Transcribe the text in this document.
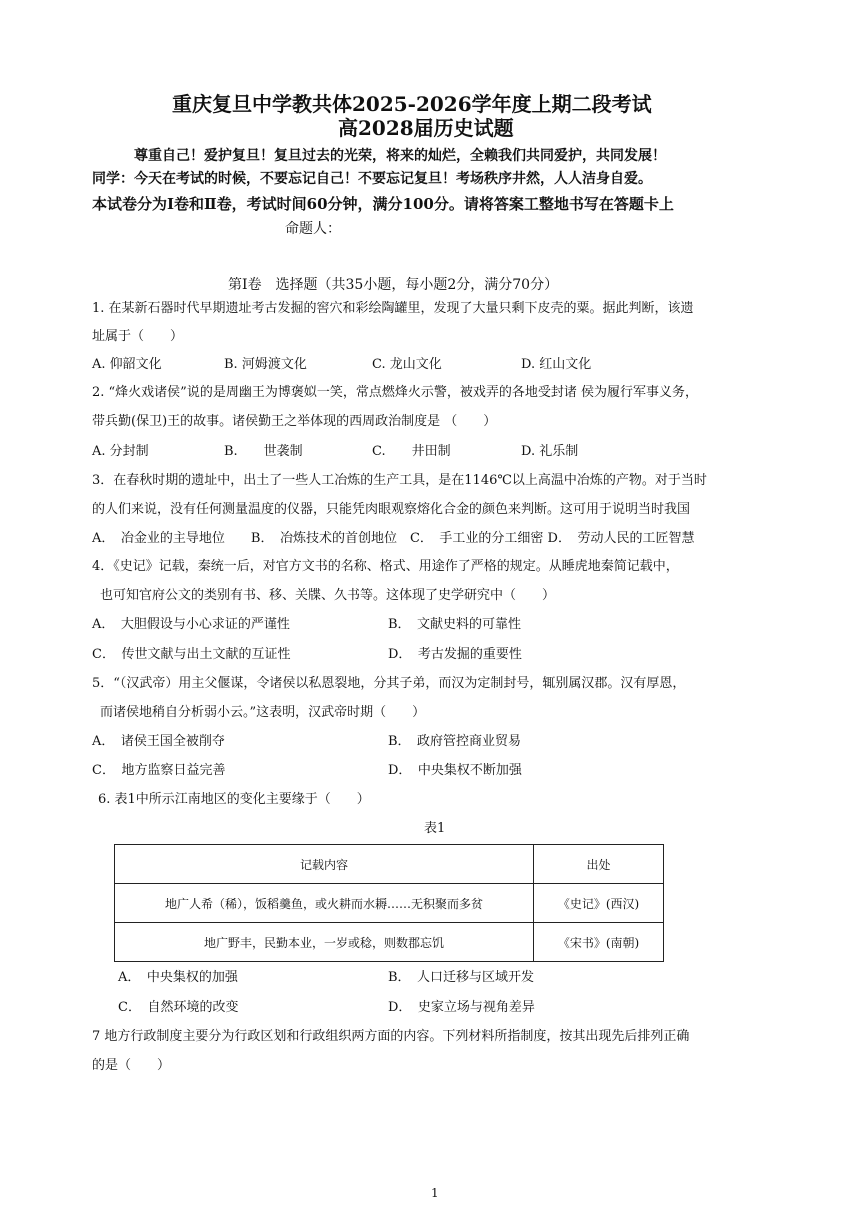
重庆复旦中学教共体2025-2026学年度上期二段考试
高2028届历史试题
尊重自己！爱护复旦！复旦过去的光荣，将来的灿烂，全赖我们共同爱护，共同发展！
同学：今天在考试的时候，不要忘记自己！不要忘记复旦！考场秩序井然，人人洁身自爱。
本试卷分为Ⅰ卷和Ⅱ卷，考试时间60分钟，满分100分。请将答案工整地书写在答题卡上
命题人：
第Ⅰ卷　选择题（共35小题，每小题2分，满分70分）
1. 在某新石器时代早期遗址考古发掘的窖穴和彩绘陶罐里，发现了大量只剩下皮壳的粟。据此判断，该遗
址属于（　　）
A. 仰韶文化	B. 河姆渡文化	C. 龙山文化	D. 红山文化
2. “烽火戏诸侯”说的是周幽王为博褒姒一笑，常点燃烽火示警，被戏弄的各地受封诸 侯为履行军事义务，
带兵勤(保卫)王的故事。诸侯勤王之举体现的西周政治制度是 （　　）
A. 分封制	B.　　世袭制	C.　　井田制	D. 礼乐制
3．在春秋时期的遗址中，出土了一些人工冶炼的生产工具，是在1146℃以上高温中冶炼的产物。对于当时
的人们来说，没有任何测量温度的仪器，只能凭肉眼观察熔化合金的颜色来判断。这可用于说明当时我国
A．　冶金业的主导地位　　B．　冶炼技术的首创地位　C．　手工业的分工细密 D．　劳动人民的工匠智慧
4．《史记》记载，秦统一后，对官方文书的名称、格式、用途作了严格的规定。从睡虎地秦简记载中，
也可知官府公文的类别有书、移、关牒、久书等。这体现了史学研究中（　　）
A．　大胆假设与小心求证的严谨性	B．　文献史料的可靠性
C．　传世文献与出土文献的互证性	D．　考古发掘的重要性
5．“（汉武帝）用主父偃谋，令诸侯以私恩裂地，分其子弟，而汉为定制封号，辄别属汉郡。汉有厚恩，
而诸侯地稍自分析弱小云。”这表明，汉武帝时期（　　）
A．　诸侯王国全被削夺	B．　政府管控商业贸易
C．　地方监察日益完善	D．　中央集权不断加强
6. 表1中所示江南地区的变化主要缘于（　　）
表1
记载内容	出处
地广人希（稀），饭稻羹鱼，或火耕而水耨……无积聚而多贫	《史记》(西汉)
地广野丰，民勤本业，一岁或稔，则数郡忘饥	《宋书》(南朝)
A．　中央集权的加强	B．　人口迁移与区域开发
C．　自然环境的改变	D．　史家立场与视角差异
7 地方行政制度主要分为行政区划和行政组织两方面的内容。下列材料所指制度，按其出现先后排列正确
的是（　　）
1
